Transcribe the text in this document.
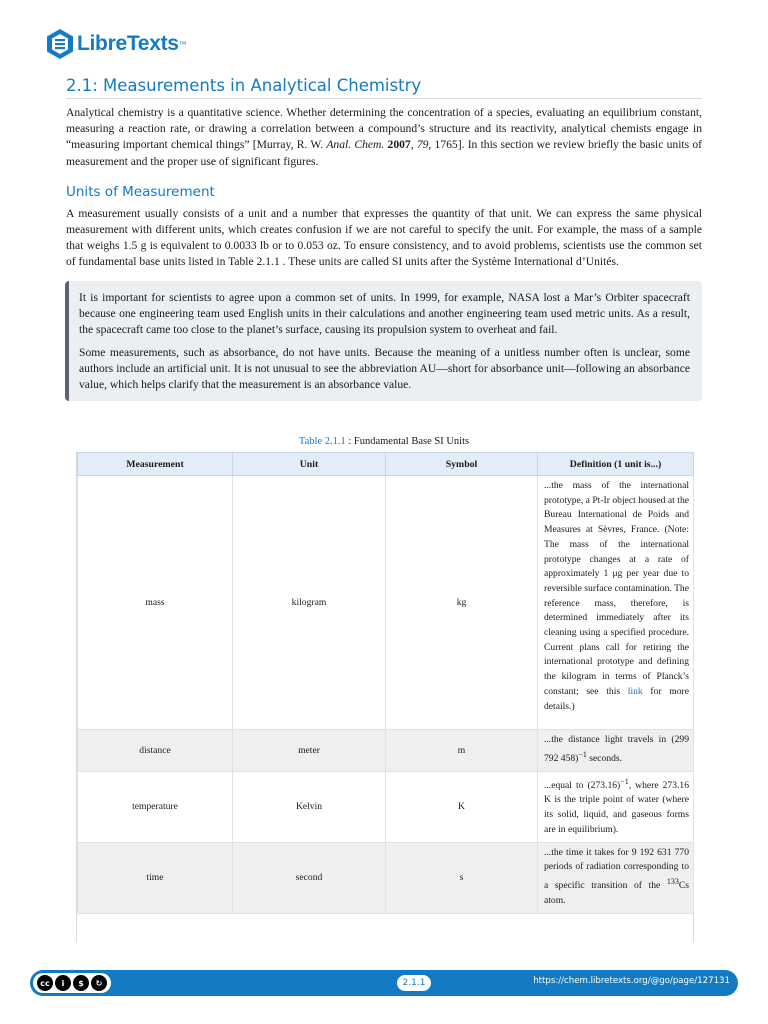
LibreTexts ™
2.1: Measurements in Analytical Chemistry

Analytical chemistry is a quantitative science. Whether determining the concentration of a species, evaluating an equilibrium constant, measuring a reaction rate, or drawing a correlation between a compound’s structure and its reactivity, analytical chemists engage in “measuring important chemical things” [Murray, R. W. Anal. Chem. 2007, 79, 1765]. In this section we review briefly the basic units of measurement and the proper use of significant figures.

Units of Measurement

A measurement usually consists of a unit and a number that expresses the quantity of that unit. We can express the same physical measurement with different units, which creates confusion if we are not careful to specify the unit. For example, the mass of a sample that weighs 1.5 g is equivalent to 0.0033 lb or to 0.053 oz. To ensure consistency, and to avoid problems, scientists use the common set of fundamental base units listed in Table 2.1.1 . These units are called SI units after the Système International d’Unités.

It is important for scientists to agree upon a common set of units. In 1999, for example, NASA lost a Mar’s Orbiter spacecraft because one engineering team used English units in their calculations and another engineering team used metric units. As a result, the spacecraft came too close to the planet’s surface, causing its propulsion system to overheat and fail.

Some measurements, such as absorbance, do not have units. Because the meaning of a unitless number often is unclear, some authors include an artificial unit. It is not unusual to see the abbreviation AU—short for absorbance unit—following an absorbance value, which helps clarify that the measurement is an absorbance value.

Table 2.1.1 : Fundamental Base SI Units
Measurement	Unit	Symbol	Definition (1 unit is...)
mass	kilogram	kg	...the mass of the international prototype, a Pt-Ir object housed at the Bureau International de Poids and Measures at Sèvres, France. (Note: The mass of the international prototype changes at a rate of approximately 1 μg per year due to reversible surface contamination. The reference mass, therefore, is determined immediately after its cleaning using a specified procedure. Current plans call for retiring the international prototype and defining the kilogram in terms of Planck’s constant; see this link for more details.)
distance	meter	m	...the distance light travels in (299 792 458)$^{-1}$ seconds.
temperature	Kelvin	K	...equal to $(273.16)^{-1}$, where 273.16 K is the triple point of water (where its solid, liquid, and gaseous forms are in equilibrium).
time	second	s	...the time it takes for 9 192 631 770 periods of radiation corresponding to a specific transition of the $^{133}$Cs atom.
cc	i	$	↻	2.1.1	https://chem.libretexts.org/@go/page/127131
